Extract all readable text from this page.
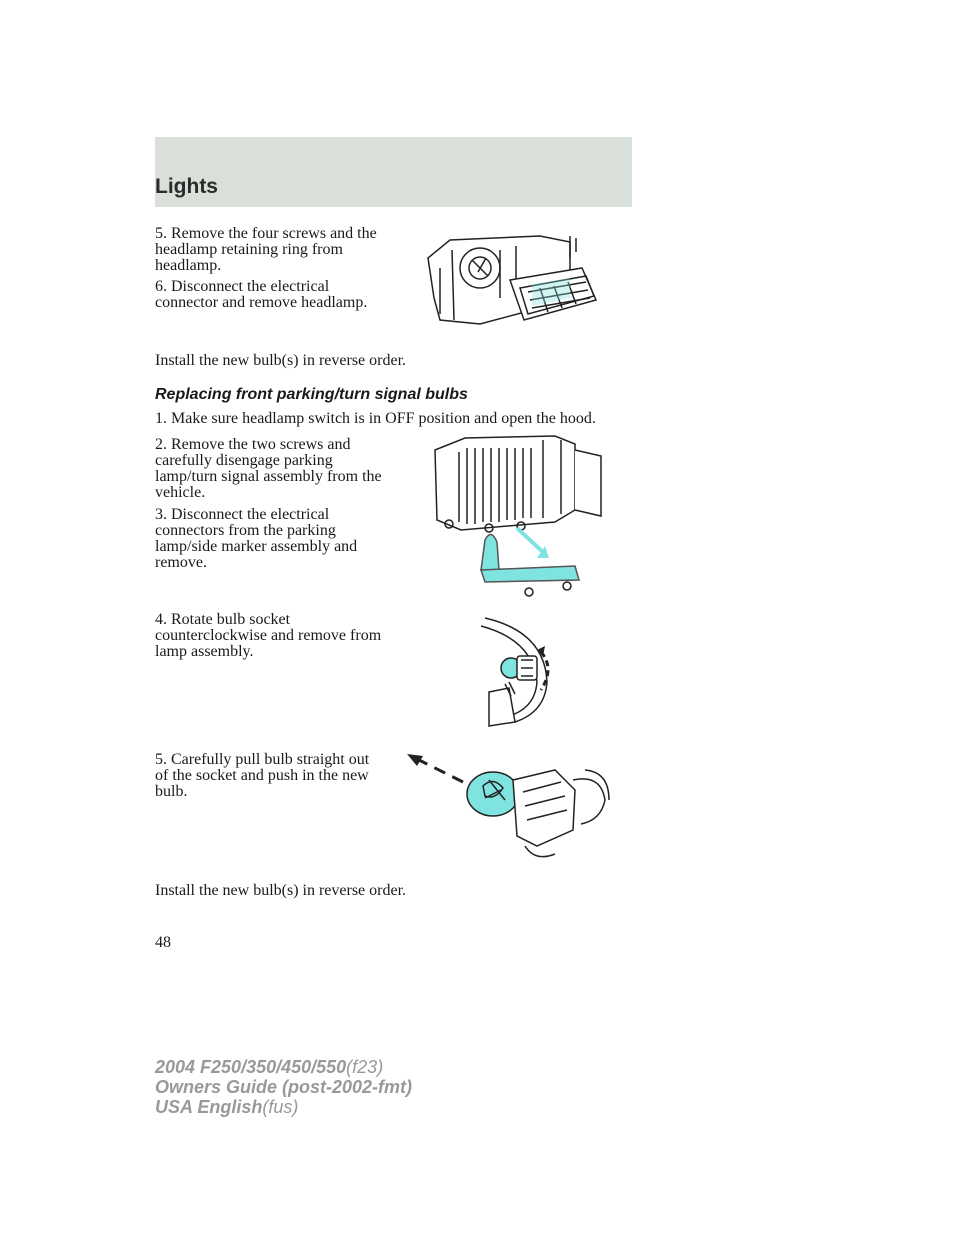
Lights

5. Remove the four screws and the headlamp retaining ring from headlamp.

6. Disconnect the electrical connector and remove headlamp.

Install the new bulb(s) in reverse order.

Replacing front parking/turn signal bulbs

1. Make sure headlamp switch is in OFF position and open the hood.

2. Remove the two screws and carefully disengage parking lamp/turn signal assembly from the vehicle.

3. Disconnect the electrical connectors from the parking lamp/side marker assembly and remove.

4. Rotate bulb socket counterclockwise and remove from lamp assembly.

5. Carefully pull bulb straight out of the socket and push in the new bulb.

Install the new bulb(s) in reverse order.

48
2004 F250/350/450/550(f23)
Owners Guide (post-2002-fmt)
USA English(fus)
